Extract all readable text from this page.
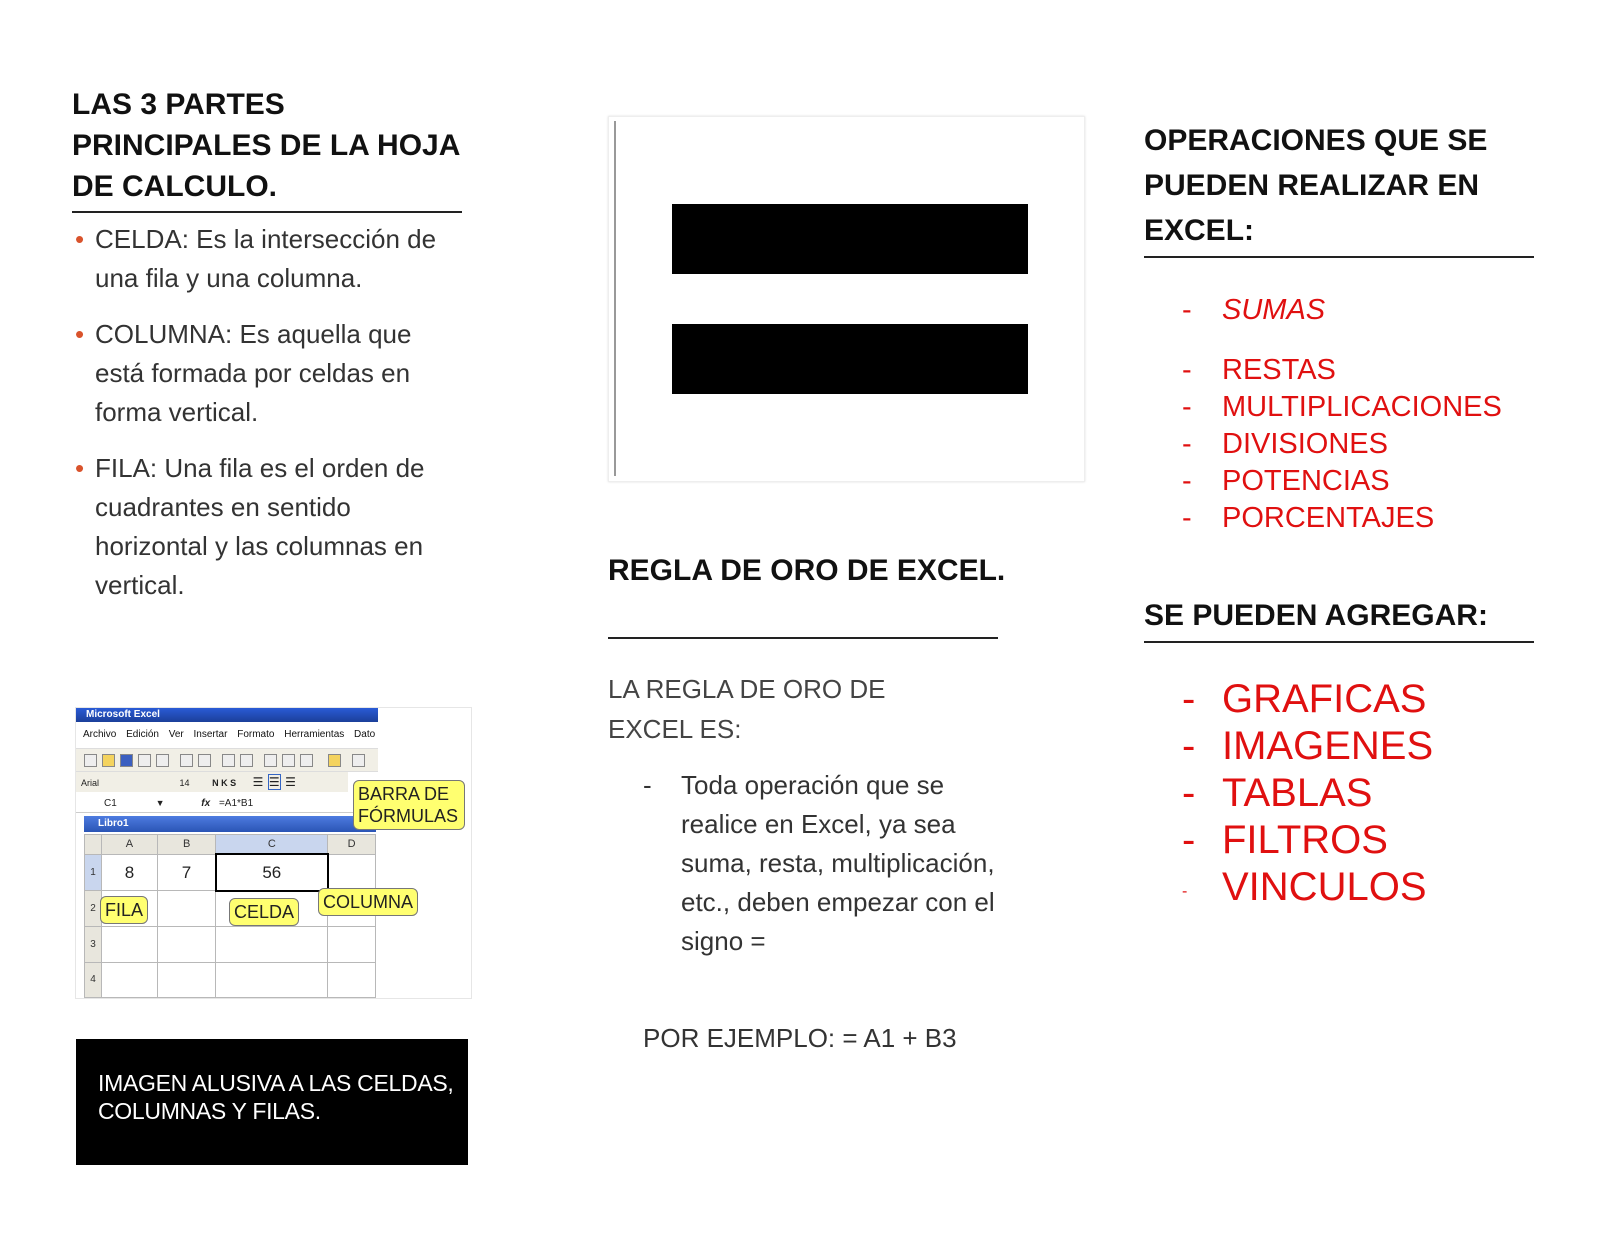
LAS 3 PARTES PRINCIPALES DE LA HOJA DE CALCULO.
• CELDA: Es la intersección de una fila y una columna.
• COLUMNA: Es aquella que está formada por celdas en forma vertical.
• FILA: Una fila es el orden de cuadrantes en sentido horizontal y las columnas en vertical.
Microsoft Excel
Archivo Edición Ver Insertar Formato Herramientas Dato
Arial	14	N K S ☰ ☰ ☰
C1	▼	fx =A1*B1
Libro1
	A	B	C	D
1	8	7	56	
2				
3				
4				
BARRA DE FÓRMULAS
FILA	CELDA COLUMNA
IMAGEN ALUSIVA A LAS CELDAS, COLUMNAS Y FILAS.
REGLA DE ORO DE EXCEL.
LA REGLA DE ORO DE EXCEL ES:
- Toda operación que se realice en Excel, ya sea suma, resta, multiplicación, etc., deben empezar con el signo =
POR EJEMPLO: = A1 + B3
OPERACIONES QUE SE PUEDEN REALIZAR EN EXCEL:
- SUMAS
- RESTAS
- MULTIPLICACIONES
- DIVISIONES
- POTENCIAS
- PORCENTAJES
SE PUEDEN AGREGAR:
- GRAFICAS
- IMAGENES
- TABLAS
- FILTROS
- VINCULOS
